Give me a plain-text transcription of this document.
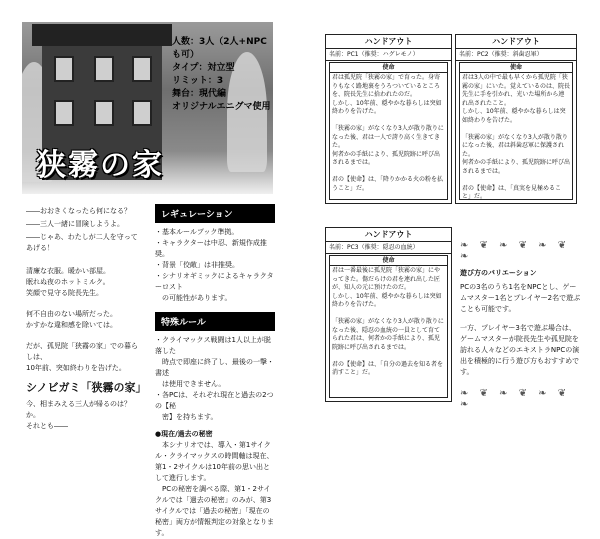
人数：3人（2人+NPCも可）
タイプ：対立型
リミット：3
舞台：現代編
オリジナルエニグマ使用
狭霧の家
――おおきくなったら何になる？
――三人一緒に冒険しようよ。
――じゃあ、わたしが二人を守ってあげる！
清廉な衣服。暖かい部屋。
眠れぬ夜のホットミルク。
笑顔で見守る院長先生。
何不自由のない場所だった。
かすかな違和感を除いては。
だが、孤児院「狭霧の家」での暮らしは、
10年前、突如終わりを告げた。
シノビガミ「狭霧の家」
今、相まみえる三人が帰るのは？か。
それとも――
レギュレーション
・基本ルールブック準拠。
・キャラクターは中忍、新規作成推奨。
・背景「佼敵」は非推奨。
・シナリオギミックによるキャラクターロスト
　の可能性があります。
特殊ルール
・クライマックス戦闘は1人以上が脱落した
　時点で即座に終了し、最後の一撃・書述
　は使用できません。
・各PCは、それぞれ現在と過去の2つの【秘
　密】を持ちます。
●現在/過去の秘密
　本シナリオでは、導入・第1サイクル・クライマックスの時間軸は現在、第1・2サイクルは10年前の思い出として進行します。
　PCの秘密を調べる際、第1・2サイクルでは「過去の秘密」のみが、第3サイクルでは「過去の秘密」「現在の秘密」両方が情報判定の対象となります。
ハンドアウト
名前：PC1（推奨：ハグレモノ）
使命
君は孤児院「狭霧の家」で育った。身寄りもなく路地裏をうろついているところを、院長先生に拾われたのだ。
しかし、10年前、穏やかな暮らしは突如終わりを告げた。

「狭霧の家」がなくなり3人が散り散りになった後、君は一人で誇り高く生きてきた。
何者かの手紙により、孤児院跡に呼び出されるまでは。

君の【使命】は、「降りかかる火の粉を払うこと」だ。
ハンドアウト
名前：PC2（推奨：斜歯忍軍）
使命
君は3人の中で最も早くから孤児院「狭霧の家」にいた。覚えているのは、院長先生に手を引かれ、光いた場所から連れ出されたこと。
しかし、10年前、穏やかな暮らしは突如終わりを告げた。

「狭霧の家」がなくなり3人が散り散りになった後、君は斜歯忍軍に保護された。
何者かの手紙により、孤児院跡に呼び出されるまでは。

君の【使命】は、「真実を見極めること」だ。
ハンドアウト
名前：PC3（推奨：隠忍の血統）
使命
君は一番最後に孤児院「狭霧の家」にやってきた。傷だらけの君を連れ出した匠が、知人の元に預けたのだ。
しかし、10年前、穏やかな暮らしは突如終わりを告げた。

「狭霧の家」がなくなり3人が散り散りになった後、隠忍の血統の一員として育てられた君は、何者かの手紙により、孤児院跡に呼び出されるまでは。

君の【使命】は、「自分の過去を知る者を消すこと」だ。
❧ ❦ ❧ ❦ ❧ ❦ ❧
遊び方のバリエーション
PCの3名のうち1名をNPCとし、ゲームマスター1名とプレイヤー2名で遊ぶことも可能です。
一方、プレイヤー3名で遊ぶ場合は、ゲームマスターが院長先生や孤児院を訪れる人々などのエキストラNPCの演出を積極的に行う遊び方もおすすめです。
❧ ❦ ❧ ❦ ❧ ❦ ❧
